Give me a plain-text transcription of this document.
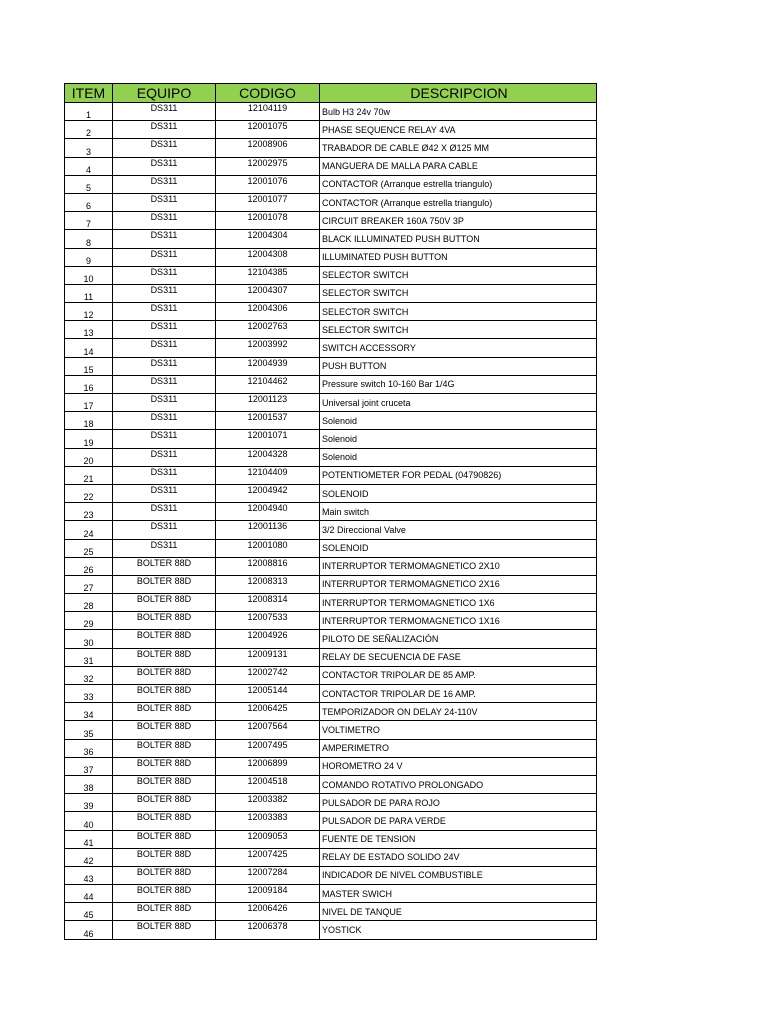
ITEM	EQUIPO	CODIGO	DESCRIPCION
1	DS311	12104119	Bulb H3 24v 70w
2	DS311	12001075	PHASE SEQUENCE RELAY 4VA
3	DS311	12008906	TRABADOR DE CABLE Ø42 X Ø125 MM
4	DS311	12002975	MANGUERA DE MALLA PARA CABLE
5	DS311	12001076	CONTACTOR (Arranque estrella triangulo)
6	DS311	12001077	CONTACTOR (Arranque estrella triangulo)
7	DS311	12001078	CIRCUIT BREAKER 160A 750V 3P
8	DS311	12004304	BLACK ILLUMINATED PUSH BUTTON
9	DS311	12004308	ILLUMINATED PUSH BUTTON
10	DS311	12104385	SELECTOR SWITCH
11	DS311	12004307	SELECTOR SWITCH
12	DS311	12004306	SELECTOR SWITCH
13	DS311	12002763	SELECTOR SWITCH
14	DS311	12003992	SWITCH ACCESSORY
15	DS311	12004939	PUSH BUTTON
16	DS311	12104462	Pressure switch 10-160 Bar 1/4G
17	DS311	12001123	Universal joint cruceta
18	DS311	12001537	Solenoid
19	DS311	12001071	Solenoid
20	DS311	12004328	Solenoid
21	DS311	12104409	POTENTIOMETER FOR PEDAL (04790826)
22	DS311	12004942	SOLENOID
23	DS311	12004940	Main switch
24	DS311	12001136	3/2 Direccional Valve
25	DS311	12001080	SOLENOID
26	BOLTER 88D	12008816	INTERRUPTOR TERMOMAGNETICO 2X10
27	BOLTER 88D	12008313	INTERRUPTOR TERMOMAGNETICO 2X16
28	BOLTER 88D	12008314	INTERRUPTOR TERMOMAGNETICO 1X6
29	BOLTER 88D	12007533	INTERRUPTOR TERMOMAGNETICO 1X16
30	BOLTER 88D	12004926	PILOTO DE SEÑALIZACIÓN
31	BOLTER 88D	12009131	RELAY DE SECUENCIA DE FASE
32	BOLTER 88D	12002742	CONTACTOR TRIPOLAR DE 85 AMP.
33	BOLTER 88D	12005144	CONTACTOR TRIPOLAR DE 16 AMP.
34	BOLTER 88D	12006425	TEMPORIZADOR ON DELAY 24-110V
35	BOLTER 88D	12007564	VOLTIMETRO
36	BOLTER 88D	12007495	AMPERIMETRO
37	BOLTER 88D	12006899	HOROMETRO 24 V
38	BOLTER 88D	12004518	COMANDO ROTATIVO PROLONGADO
39	BOLTER 88D	12003382	PULSADOR DE PARA ROJO
40	BOLTER 88D	12003383	PULSADOR DE PARA VERDE
41	BOLTER 88D	12009053	FUENTE DE TENSION
42	BOLTER 88D	12007425	RELAY DE ESTADO SOLIDO 24V
43	BOLTER 88D	12007284	INDICADOR DE NIVEL COMBUSTIBLE
44	BOLTER 88D	12009184	MASTER SWICH
45	BOLTER 88D	12006426	NIVEL DE TANQUE
46	BOLTER 88D	12006378	YOSTICK
